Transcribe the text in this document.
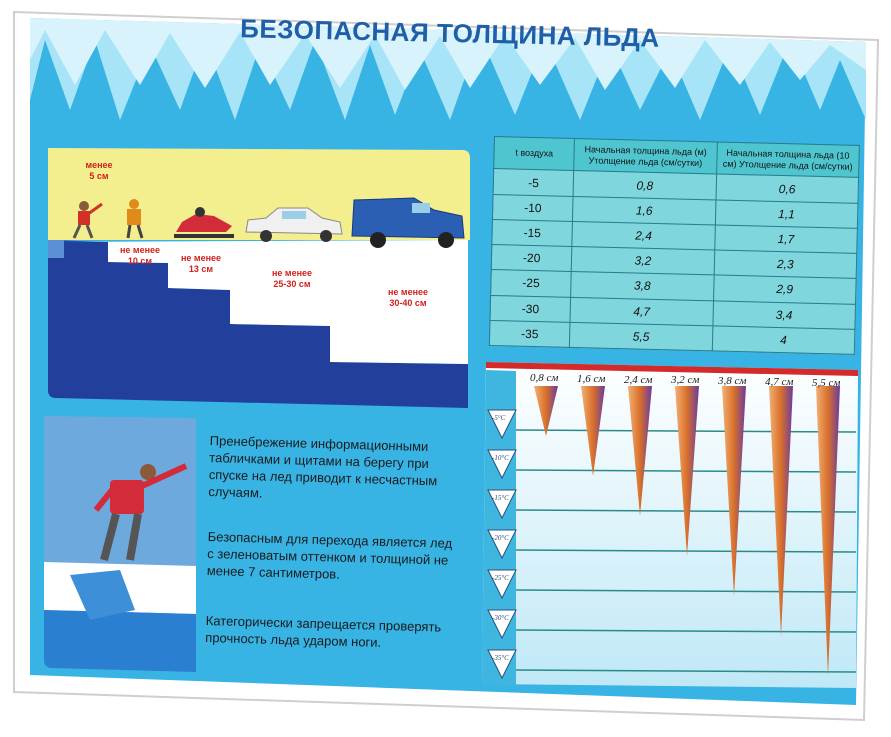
БЕЗОПАСНАЯ ТОЛЩИНА ЛЬДА
менее
5 см
не менее
10 см	не менее
13 см	не менее
25-30 см
не менее
30-40 см
t воздуха	Начальная толщина льда (м) Утолщение льда (см/сутки)	Начальная толщина льда (10 см) Утолщение льда (см/сутки)
-5	0,8	0,6
-10	1,6	1,1
-15	2,4	1,7
-20	3,2	2,3
-25	3,8	2,9
-30	4,7	3,4
-35	5,5	4
Пренебрежение информационными табличками и щитами на берегу при спуске на лед приводит к несчастным случаям.
Безопасным для перехода является лед с зеленоватым оттенком и толщиной не менее 7 сантиметров.
Категорически запрещается проверять прочность льда ударом ноги.
-5°C
-10°C
-15°C
-20°C
-25°C
-30°C
-35°C
0,8 см 1,6 см 2,4 см 3,2 см 3,8 см 4,7 см 5,5 см
